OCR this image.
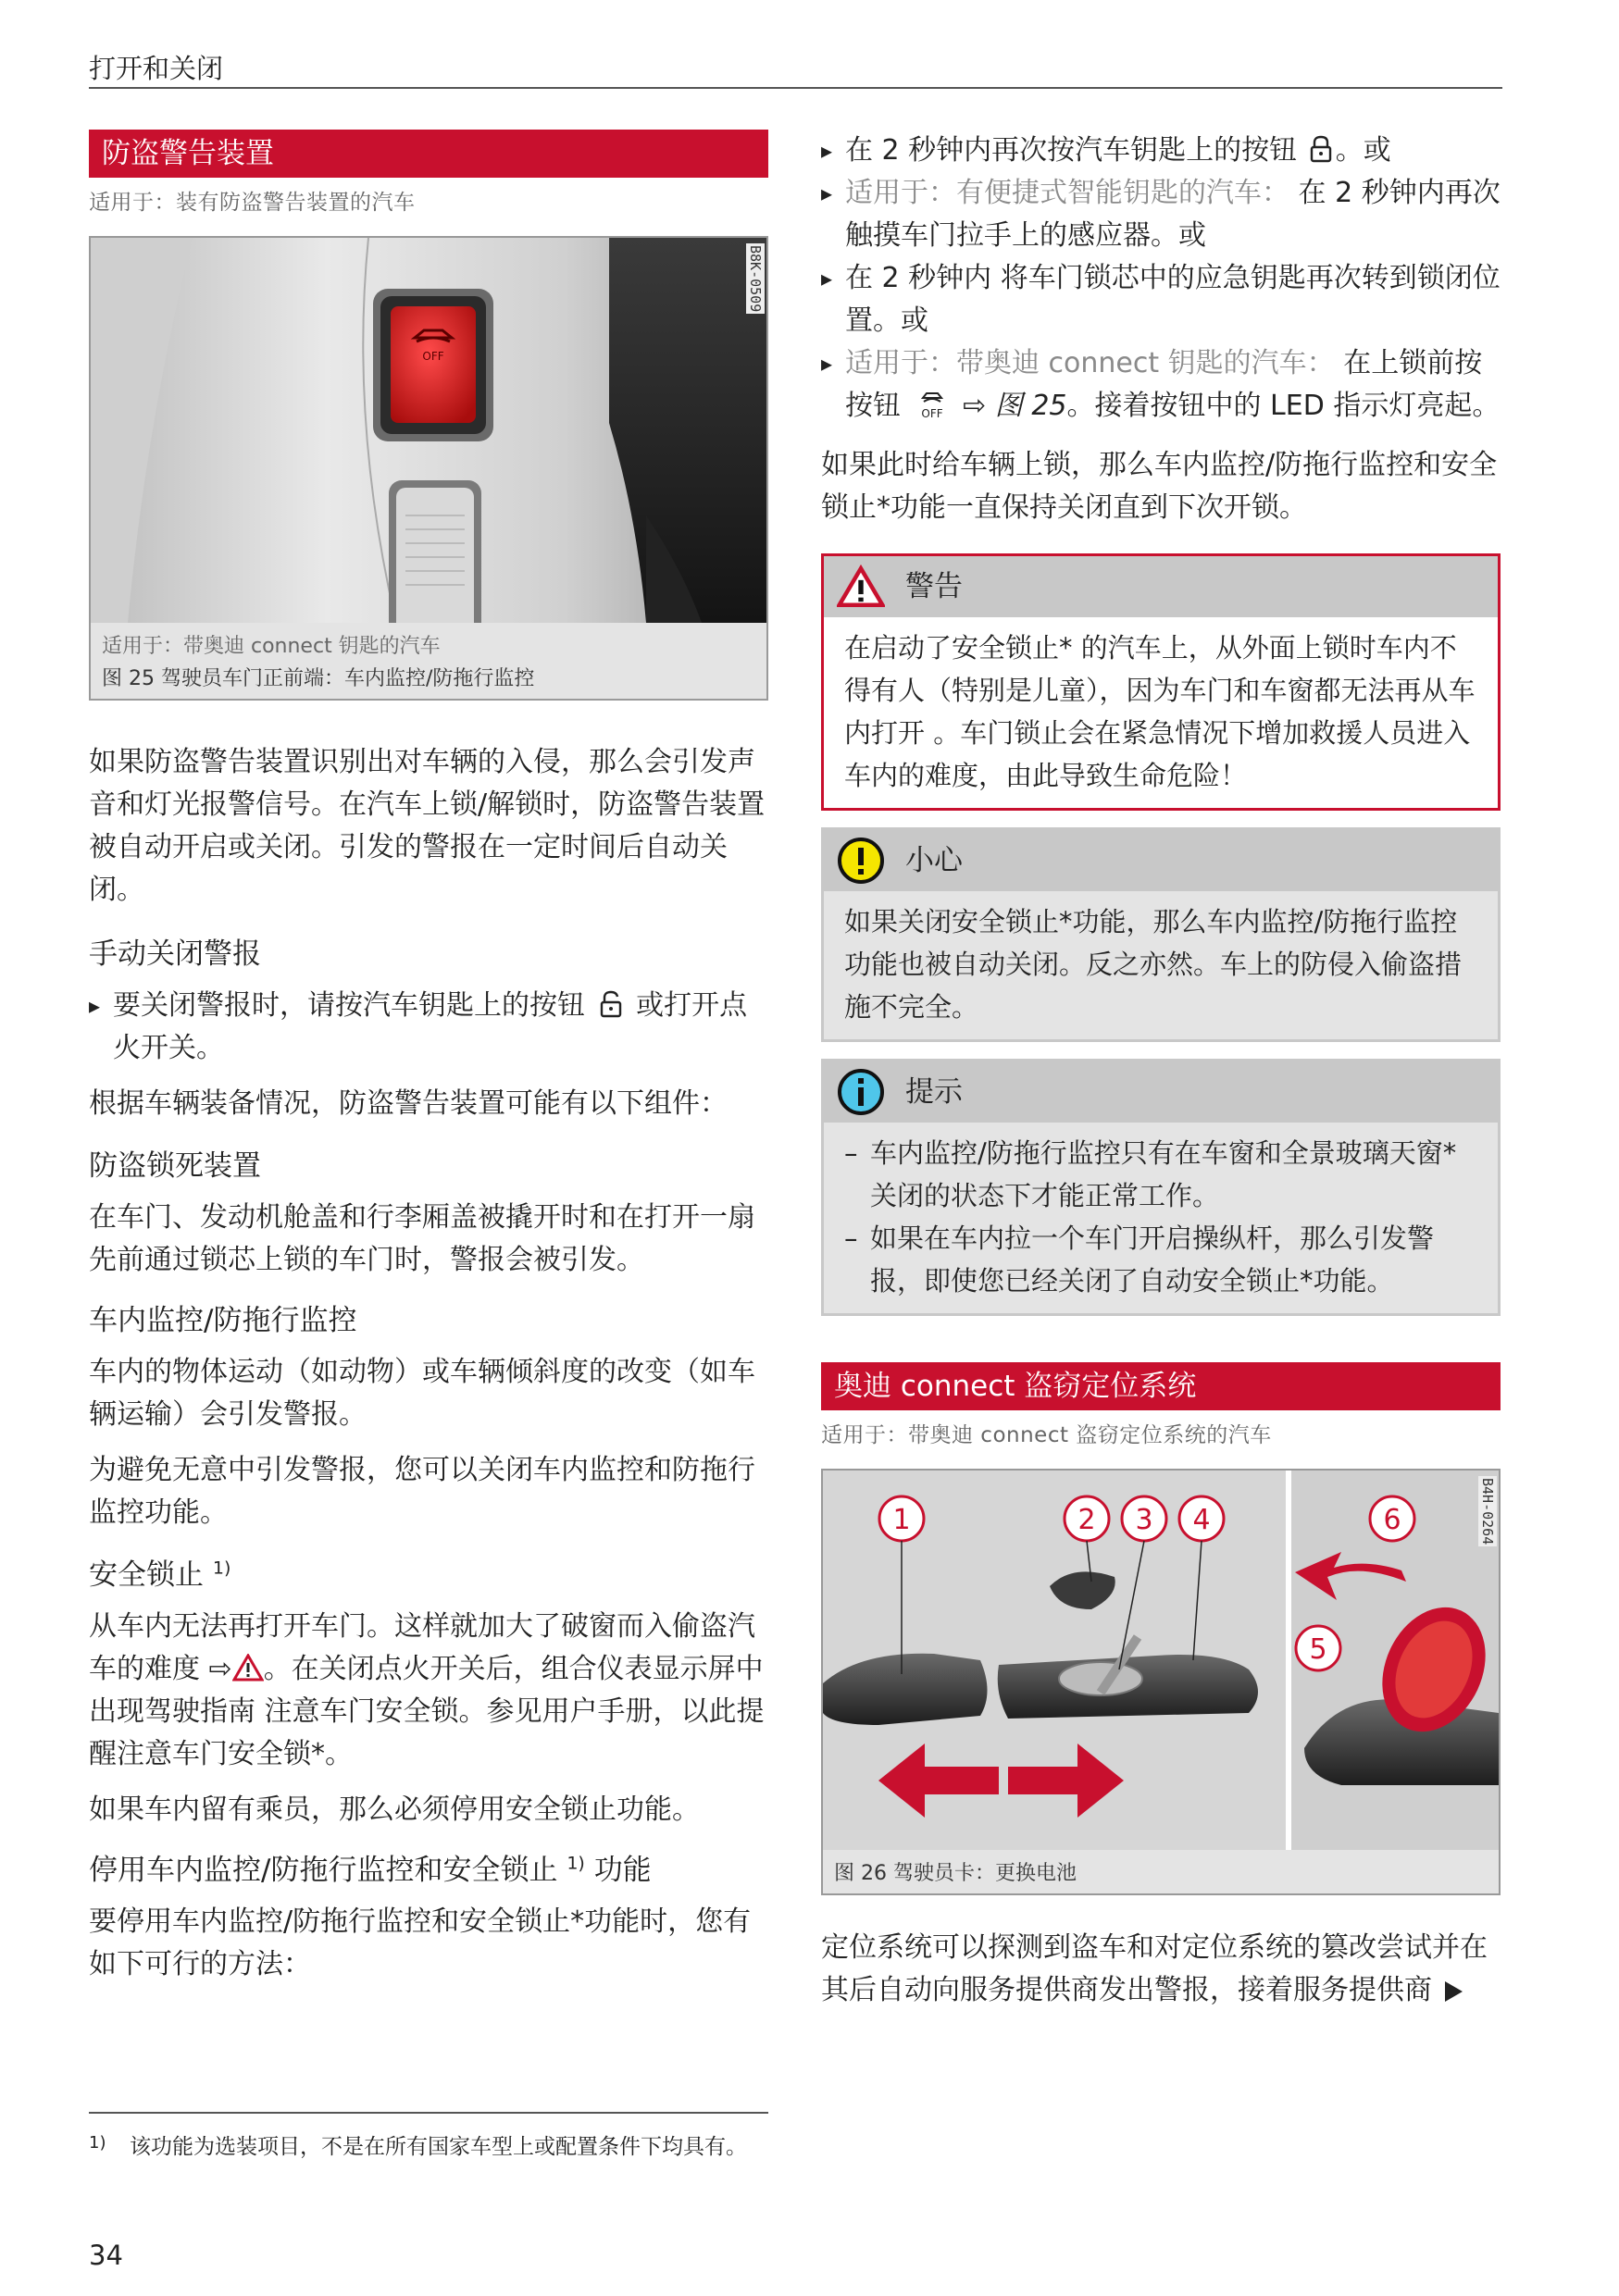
打开和关闭
防盗警告装置
适用于：装有防盗警告装置的汽车
OFF
B8K-0509
适用于：带奥迪 connect 钥匙的汽车
图 25 驾驶员车门正前端：车内监控/防拖行监控

如果防盗警告装置识别出对车辆的入侵，那么会引发声音和灯光报警信号。在汽车上锁/解锁时，防盗警告装置被自动开启或关闭。引发的警报在一定时间后自动关闭。

手动关闭警报
▸ 要关闭警报时，请按汽车钥匙上的按钮 或打开点火开关。

根据车辆装备情况，防盗警告装置可能有以下组件：

防盗锁死装置

在车门、发动机舱盖和行李厢盖被撬开时和在打开一扇先前通过锁芯上锁的车门时，警报会被引发。

车内监控/防拖行监控

车内的物体运动（如动物）或车辆倾斜度的改变（如车辆运输）会引发警报。

为避免无意中引发警报，您可以关闭车内监控和防拖行监控功能。

安全锁止 $^{1)}$

从车内无法再打开车门。这样就加大了破窗而入偷盗汽车的难度 ⇨ 。在关闭点火开关后，组合仪表显示屏中出现驾驶指南 注意车门安全锁。参见用户手册，以此提醒注意车门安全锁*。

如果车内留有乘员，那么必须停用安全锁止功能。

停用车内监控/防拖行监控和安全锁止 $^{1)}$ 功能

要停用车内监控/防拖行监控和安全锁止*功能时，您有如下可行的方法：

▸ 在 2 秒钟内再次按汽车钥匙上的按钮 。或
▸ 适用于：有便捷式智能钥匙的汽车： 在 2 秒钟内再次触摸车门拉手上的感应器。或
▸ 在 2 秒钟内 将车门锁芯中的应急钥匙再次转到锁闭位置。或
▸ 适用于：带奥迪 connect 钥匙的汽车： 在上锁前按按钮 OFF ⇨ 图 25。接着按钮中的 LED 指示灯亮起。

如果此时给车辆上锁，那么车内监控/防拖行监控和安全锁止*功能一直保持关闭直到下次开锁。

警告
在启动了安全锁止* 的汽车上，从外面上锁时车内不得有人（特别是儿童），因为车门和车窗都无法再从车内打开 。车门锁止会在紧急情况下增加救援人员进入车内的难度，由此导致生命危险！
小心
如果关闭安全锁止*功能，那么车内监控/防拖行监控功能也被自动关闭。反之亦然。车上的防侵入偷盗措施不完全。
提示
– 车内监控/防拖行监控只有在车窗和全景玻璃天窗*关闭的状态下才能正常工作。
– 如果在车内拉一个车门开启操纵杆，那么引发警报，即使您已经关闭了自动安全锁止*功能。
奥迪 connect 盗窃定位系统
适用于：带奥迪 connect 盗窃定位系统的汽车
1	2 3 4
5
6	B4H-0264
图 26 驾驶员卡：更换电池

定位系统可以探测到盗车和对定位系统的篡改尝试并在其后自动向服务提供商发出警报，接着服务提供商

1)	该功能为选装项目，不是在所有国家车型上或配置条件下均具有。
34
